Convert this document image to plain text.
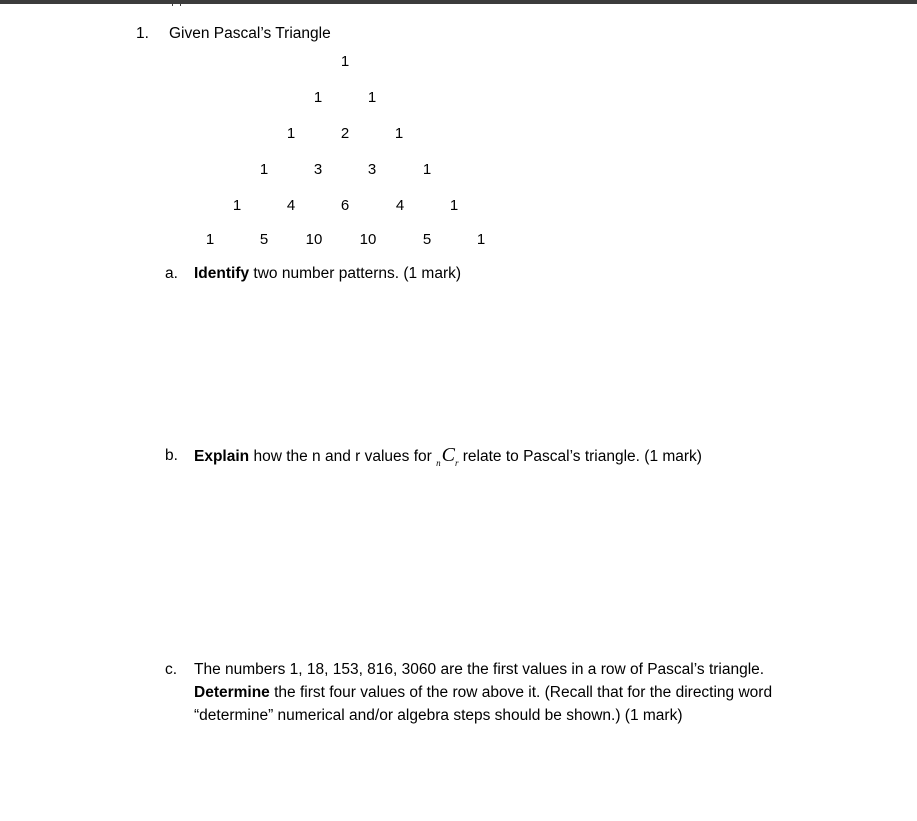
1. Given Pascal’s Triangle
1
1	1
1	2	1
1	3	3	1
1	4	6	4	1
1	5 10 10	5	1
a. Identify two number patterns. (1 mark)
b. Explain how the n and r values for $_nC_r$ relate to Pascal’s triangle. (1 mark)
c. The numbers 1, 18, 153, 816, 3060 are the first values in a row of Pascal’s triangle.
Determine the first four values of the row above it. (Recall that for the directing word
“determine” numerical and/or algebra steps should be shown.) (1 mark)
